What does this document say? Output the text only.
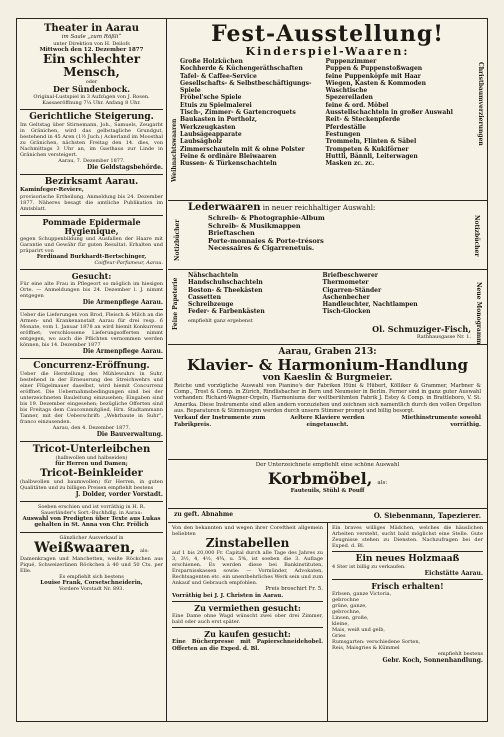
Theater in Aarau
im Saale „zum Rößli“
unter Direktion von H. Deilofs
Mittwoch den 12. Dezember 1877
Ein schlechter Mensch,
oder
Der Sündenbock.
Original-Lustspiel in 3 Aufzügen von J. Rosen. Kassaeröffnung 7¼ Uhr. Anfang 8 Uhr.
Gerichtliche Steigerung.
Im Geltstag über Stirnemann, Joh., Samuels, Zeugarbt in Gränichen, wird das gelbstagliche Grundgut, bestehend in 45 Aren (1½ Juch.) Ackerland im Moosthal zu Gränichen, nächsten Freitag den 14. dies, von Nachmittags 3 Uhr an, im Gasthaus zur Linde in Gränichen versteigert.
Aarau, 7. Dezember 1877.
Die Geldstagsbehörde.
Bezirksamt Aarau.
Kaminfeger-Reviere,
provisorische Ertheilung. Anmeldung bis 24. Dezember 1877. Näheres besagt die amtliche Publikation im Amtsblatt.
Pommade Epidermale Hygienique,
gegen Schuppenbildung und Ausfallen der Haare mit Garantie und Gewähr für guten Resultat. Erhalten und präparirt von
Ferdinand Burkhardt-Bertschinger,
Coiffeur-Parfumeur, Aarau.
Gesucht:
Für eine alte Frau in Pflegeort so möglich im hiesigen Orte. — Anmeldungen bis 24. Dezember l. J. nimmt entgegen
Die Armenpflege Aarau.
Ueber die Lieferungen von Brod, Fleisch & Milch an die Armen- und Krankenanstalt Aarau für drei resp. 6 Monate, vom 1. Januar 1878 an wird hiemit Konkurrenz eröffnet; verschlossene Lieferungsofferten nimmt entgegen, wo auch die Pflichten vernommen werden können, bis 14. Dezember 1877
Die Armenpflege Aarau.
Concurrenz-Eröffnung.
Ueber die Herstellung des Mühlewuhrs in Suhr, bestehend in der Erneuerung des Streichwehrs und einer Flügelmauer daselbst, wird hiemit Concurrenz eröffnet. Die Uebernahmsbedingungen sind bei der unterzeichneten Bauleitung einzusehen; Eingaben sind bis 19. Dezember eingesehen; bezügliche Offerten sind bis Freitags dem Cauconnmitglied, Hrn. Stadtammann Tanner, mit der Ueberschrift: „Wehrbaute in Suhr“, franco einzusenden.
Aarau, den 4. Dezember 1877.
Die Bauverwaltung.
Tricot-Unterleibchen
(halbwollen und halbseiden)
für Herren und Damen;
Tricot-Beinkleider
(halbwollen und baumwollen) für Herren, in guten Qualitäten und zu billigen Preisen empfiehlt bestens
J. Dolder, vorder Vorstadt.
Soeben erschien und ist vorräthig in H. R. Sauerländer's Sort.-Buchhdlg. in Aarau:
Auswahl von Predigten über Texte aus Lukas gehalten in St. Anna von Chr. Frölich
Gänzlicher Ausverkauf in
Weißwaaren, als:
Damenkragen und Manchetten, weiße Röckchen aus Piqué, Schweizerlinen Röckchen à 40 und 50 Cts. per Elle.
Es empfiehlt sich bestens
Louise Frank, Corsetschneiderin,
Vordere Vorstadt Nr. 893.
Fest-Ausstellung!
Kinderspiel-Waaren:
Weihnachtswaaren
Christbaumverzierungen
Große Holzküchen
Kochherde & Küchengeräthschaften
Tafel- & Caffee-Service
Gesellschafts- & Selbstbeschäftigungs-
Spiele
Fröbel'sche Spiele
Etuis zu Spielmalerei
Tisch-, Zimmer- & Gartencroquets
Baukasten in Portholz,
Werkzeugkasten
Laubsägeapparate
Laubsägholz
Zimmerschauteln mit & ohne Polster
Feine & ordinäre Bleiwaaren
Russen- & Türkenschachteln
Puppenzimmer
Puppen & Puppenstoßwagen
feine Puppenköpfe mit Haar
Wiegen, Kasten & Kommoden
Waschtische
Spezereiladen
feine & ord. Möbel
Ausstellschachteln in großer Auswahl
Reit- & Steckenpferde
Pferdeställe
Festungen
Trommeln, Flinten & Säbel
Trompeten & Kukiförner
Huttli, Bännli, Leiterwagen
Masken zc. zc.
Lederwaaren in neuer reichhaltiger Auswahl:
Notizbücher	Notizbücher
Schreib- & Photographie-Album
Schreib- & Musikmappen
Brieftaschen
Porte-monnaies & Porte-trésors
Necessaires & Cigarrenetuis.
Feine Papeterie	Neue Monogramm
Nähschachteln
Handschuhschachteln
Boston- & Theekästen
Cassetten
Schreibzeuge
Feder- & Farbenkästen
Briefbeschwerer
Thermometer
Cigarren-Ständer
Aschenbecher
Handleuchter, Nachtlampen
Tisch-Glocken
empfiehlt ganz ergebenst
Ol. Schmuziger-Fisch,
Rathhausgasse Nr. 1.
Aarau, Graben 213:
Klavier- & Harmonium-Handlung
von Kaeslin & Burgmeier.
Reiche und vorzügliche Auswahl von Pianino's der Fabriken Hüni & Hübert, Kölliker & Grammer, Marbner & Comp., Trost & Comp. in Zürich, Rindlisbacher in Bern und Neumeier in Berlin. Ferner sind in ganz guter Auswahl vorhanden: Richard-Wagner-Orgeln, Harmoniums der weltberühmten Fabrik J. Estey & Comp. in Brattleboro, V. St. Amerika. Diese Instrumente sind allen andern vorzuziehen und zeichnen sich namentlich durch den vollen Orgelton aus. Reparaturen & Stimmungen werden durch unsern Stimmer prompt und billig besorgt.
Verkauf der Instrumente zum Fabrikpreis.
Aeltere Klaviere werden eingetauscht.
Miethinstrumente sowohl vorräthig.
Der Unterzeichnete empfiehlt eine schöne Auswahl
Korbmöbel, als:
Fauteuils, Stühl & Pouff
zu geft. Abnahme	O. Siebenmann, Tapezierer.
Von den bekannten und wegen ihrer Coreftheit allgemein beliebten
Zinstabellen
auf 1 bis 20,000 Fr. Capital durch alle Tage des Jahres zu 3, 3½, 4, 4½, 4¾, u. 5%, ist soeben die 3. Auflage erschienen. Es werden diese bei Bankinstituten, Ersparnisskassen sowie: — Vormünder, Advokaten, Rechtsagenten etc. ein unentbehrliches Werk sein und zum Ankauf und Gebrauch empfohlen.
Preis broschirt Fr. 5.
Vorräthig bei J. J. Christen in Aarau.
Zu vermiethen gesucht:
Eine Dame ohne Wagd wünscht zwei ober drei Zimmer, bald oder auch erst später.
Zu kaufen gesucht:
Eine Bücherpresse mit Papierschneidehobel. Offerten an die Exped. d. Bl.
Ein braves williges Mädchen, welches die häuslichen Arbeiten versteht, sucht bald möglichst eine Stelle. Gute Zeugnisse stehen zu Diensten. Nachzufragen bei der Exped. d. Bl.
Ein neues Holzmaaß
4 Ster ist billig zu verkaufen.
Eichstätte Aarau.
Frisch erhalten!
Erbsen, ganze Victoria,
gebrochne
grüne, ganze,
gebrochne,
Linsen, große,
kleine,
Mais, weiß und gelb,
Gries
Rumsgarten: verschiedene Sorten,
Reis, Maisgries & Kümmel
empfiehlt bestens
Gebr. Koch, Sonnenhandlung.
